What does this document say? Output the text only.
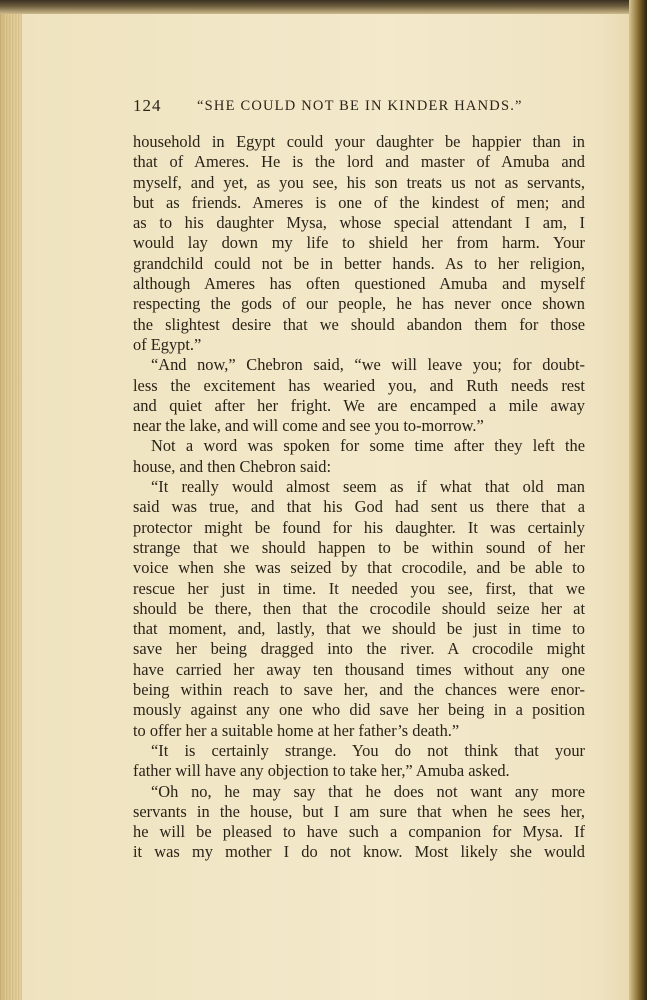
124 “SHE COULD NOT BE IN KINDER HANDS.”
household in Egypt could your daughter be happier than in
that of Ameres. He is the lord and master of Amuba and
myself, and yet, as you see, his son treats us not as servants,
but as friends. Ameres is one of the kindest of men; and
as to his daughter Mysa, whose special attendant I am, I
would lay down my life to shield her from harm. Your
grandchild could not be in better hands. As to her religion,
although Ameres has often questioned Amuba and myself
respecting the gods of our people, he has never once shown
the slightest desire that we should abandon them for those
of Egypt.”
“And now,” Chebron said, “we will leave you; for doubt-
less the excitement has wearied you, and Ruth needs rest
and quiet after her fright. We are encamped a mile away
near the lake, and will come and see you to-morrow.”
Not a word was spoken for some time after they left the
house, and then Chebron said:
“It really would almost seem as if what that old man
said was true, and that his God had sent us there that a
protector might be found for his daughter. It was certainly
strange that we should happen to be within sound of her
voice when she was seized by that crocodile, and be able to
rescue her just in time. It needed you see, first, that we
should be there, then that the crocodile should seize her at
that moment, and, lastly, that we should be just in time to
save her being dragged into the river. A crocodile might
have carried her away ten thousand times without any one
being within reach to save her, and the chances were enor-
mously against any one who did save her being in a position
to offer her a suitable home at her father’s death.”
“It is certainly strange. You do not think that your
father will have any objection to take her,” Amuba asked.
“Oh no, he may say that he does not want any more
servants in the house, but I am sure that when he sees her,
he will be pleased to have such a companion for Mysa. If
it was my mother I do not know. Most likely she would
